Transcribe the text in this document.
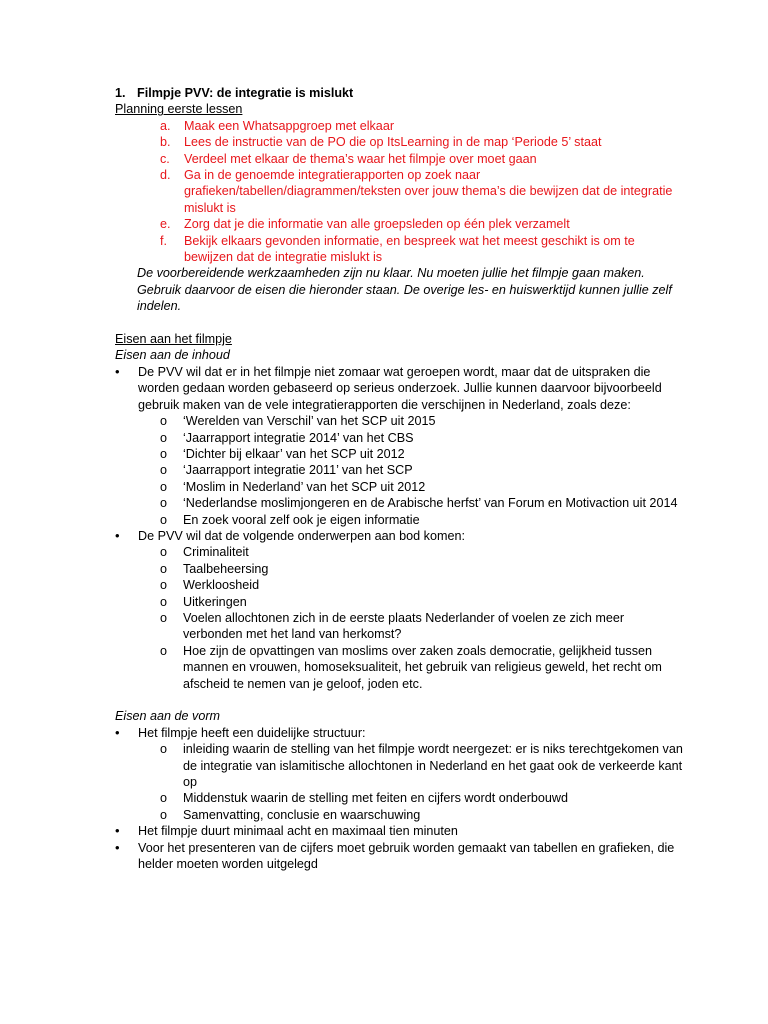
1. Filmpje PVV: de integratie is mislukt

Planning eerste lessen
a. Maak een Whatsappgroep met elkaar
b. Lees de instructie van de PO die op ItsLearning in de map ‘Periode 5’ staat
c. Verdeel met elkaar de thema’s waar het filmpje over moet gaan
d. Ga in de genoemde integratierapporten op zoek naar grafieken/tabellen/diagrammen/teksten over jouw thema’s die bewijzen dat de integratie mislukt is
e. Zorg dat je die informatie van alle groepsleden op één plek verzamelt
f. Bekijk elkaars gevonden informatie, en bespreek wat het meest geschikt is om te bewijzen dat de integratie mislukt is
De voorbereidende werkzaamheden zijn nu klaar. Nu moeten jullie het filmpje gaan maken. Gebruik daarvoor de eisen die hieronder staan. De overige les- en huiswerktijd kunnen jullie zelf indelen.
Eisen aan het filmpje
Eisen aan de inhoud
• De PVV wil dat er in het filmpje niet zomaar wat geroepen wordt, maar dat de uitspraken die worden gedaan worden gebaseerd op serieus onderzoek. Jullie kunnen daarvoor bijvoorbeeld gebruik maken van de vele integratierapporten die verschijnen in Nederland, zoals deze:
o ‘Werelden van Verschil’ van het SCP uit 2015
o ‘Jaarrapport integratie 2014’ van het CBS
o ‘Dichter bij elkaar’ van het SCP uit 2012
o ‘Jaarrapport integratie 2011’ van het SCP
o ‘Moslim in Nederland’ van het SCP uit 2012
o ‘Nederlandse moslimjongeren en de Arabische herfst’ van Forum en Motivaction uit 2014
o En zoek vooral zelf ook je eigen informatie
• De PVV wil dat de volgende onderwerpen aan bod komen:
o Criminaliteit
o Taalbeheersing
o Werkloosheid
o Uitkeringen
o Voelen allochtonen zich in de eerste plaats Nederlander of voelen ze zich meer verbonden met het land van herkomst?
o Hoe zijn de opvattingen van moslims over zaken zoals democratie, gelijkheid tussen mannen en vrouwen, homoseksualiteit, het gebruik van religieus geweld, het recht om afscheid te nemen van je geloof, joden etc.
Eisen aan de vorm
• Het filmpje heeft een duidelijke structuur:
o inleiding waarin de stelling van het filmpje wordt neergezet: er is niks terechtgekomen van de integratie van islamitische allochtonen in Nederland en het gaat ook de verkeerde kant op
o Middenstuk waarin de stelling met feiten en cijfers wordt onderbouwd
o Samenvatting, conclusie en waarschuwing
• Het filmpje duurt minimaal acht en maximaal tien minuten
• Voor het presenteren van de cijfers moet gebruik worden gemaakt van tabellen en grafieken, die helder moeten worden uitgelegd
